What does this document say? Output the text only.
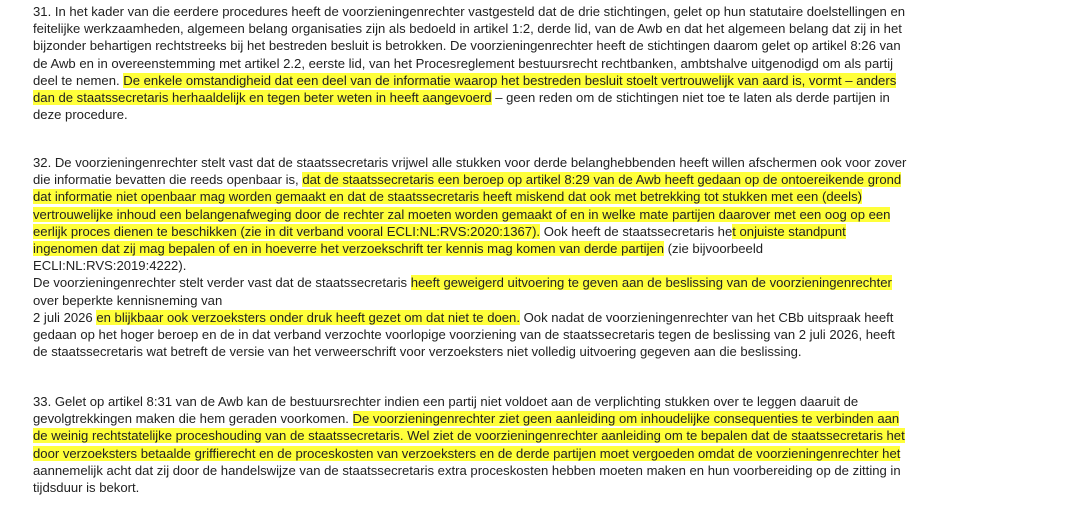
31. In het kader van die eerdere procedures heeft de voorzieningenrechter vastgesteld dat de drie stichtingen, gelet op hun statutaire doelstellingen en
feitelijke werkzaamheden, algemeen belang organisaties zijn als bedoeld in artikel 1:2, derde lid, van de Awb en dat het algemeen belang dat zij in het
bijzonder behartigen rechtstreeks bij het bestreden besluit is betrokken. De voorzieningenrechter heeft de stichtingen daarom gelet op artikel 8:26 van
de Awb en in overeenstemming met artikel 2.2, eerste lid, van het Procesreglement bestuursrecht rechtbanken, ambtshalve uitgenodigd om als partij
deel te nemen. De enkele omstandigheid dat een deel van de informatie waarop het bestreden besluit stoelt vertrouwelijk van aard is, vormt – anders
dan de staatssecretaris herhaaldelijk en tegen beter weten in heeft aangevoerd – geen reden om de stichtingen niet toe te laten als derde partijen in
deze procedure.
32. De voorzieningenrechter stelt vast dat de staatssecretaris vrijwel alle stukken voor derde belanghebbenden heeft willen afschermen ook voor zover
die informatie bevatten die reeds openbaar is, dat de staatssecretaris een beroep op artikel 8:29 van de Awb heeft gedaan op de ontoereikende grond
dat informatie niet openbaar mag worden gemaakt en dat de staatssecretaris heeft miskend dat ook met betrekking tot stukken met een (deels)
vertrouwelijke inhoud een belangenafweging door de rechter zal moeten worden gemaakt of en in welke mate partijen daarover met een oog op een
eerlijk proces dienen te beschikken (zie in dit verband vooral ECLI:NL:RVS:2020:1367). Ook heeft de staatssecretaris het onjuiste standpunt
ingenomen dat zij mag bepalen of en in hoeverre het verzoekschrift ter kennis mag komen van derde partijen (zie bijvoorbeeld
ECLI:NL:RVS:2019:4222).
De voorzieningenrechter stelt verder vast dat de staatssecretaris heeft geweigerd uitvoering te geven aan de beslissing van de voorzieningenrechter
over beperkte kennisneming van
2 juli 2026 en blijkbaar ook verzoeksters onder druk heeft gezet om dat niet te doen. Ook nadat de voorzieningenrechter van het CBb uitspraak heeft
gedaan op het hoger beroep en de in dat verband verzochte voorlopige voorziening van de staatssecretaris tegen de beslissing van 2 juli 2026, heeft
de staatssecretaris wat betreft de versie van het verweerschrift voor verzoeksters niet volledig uitvoering gegeven aan die beslissing.
33. Gelet op artikel 8:31 van de Awb kan de bestuursrechter indien een partij niet voldoet aan de verplichting stukken over te leggen daaruit de
gevolgtrekkingen maken die hem geraden voorkomen. De voorzieningenrechter ziet geen aanleiding om inhoudelijke consequenties te verbinden aan
de weinig rechtstatelijke proceshouding van de staatssecretaris. Wel ziet de voorzieningenrechter aanleiding om te bepalen dat de staatssecretaris het
door verzoeksters betaalde griffierecht en de proceskosten van verzoeksters en de derde partijen moet vergoeden omdat de voorzieningenrechter het
aannemelijk acht dat zij door de handelswijze van de staatssecretaris extra proceskosten hebben moeten maken en hun voorbereiding op de zitting in
tijdsduur is bekort.
